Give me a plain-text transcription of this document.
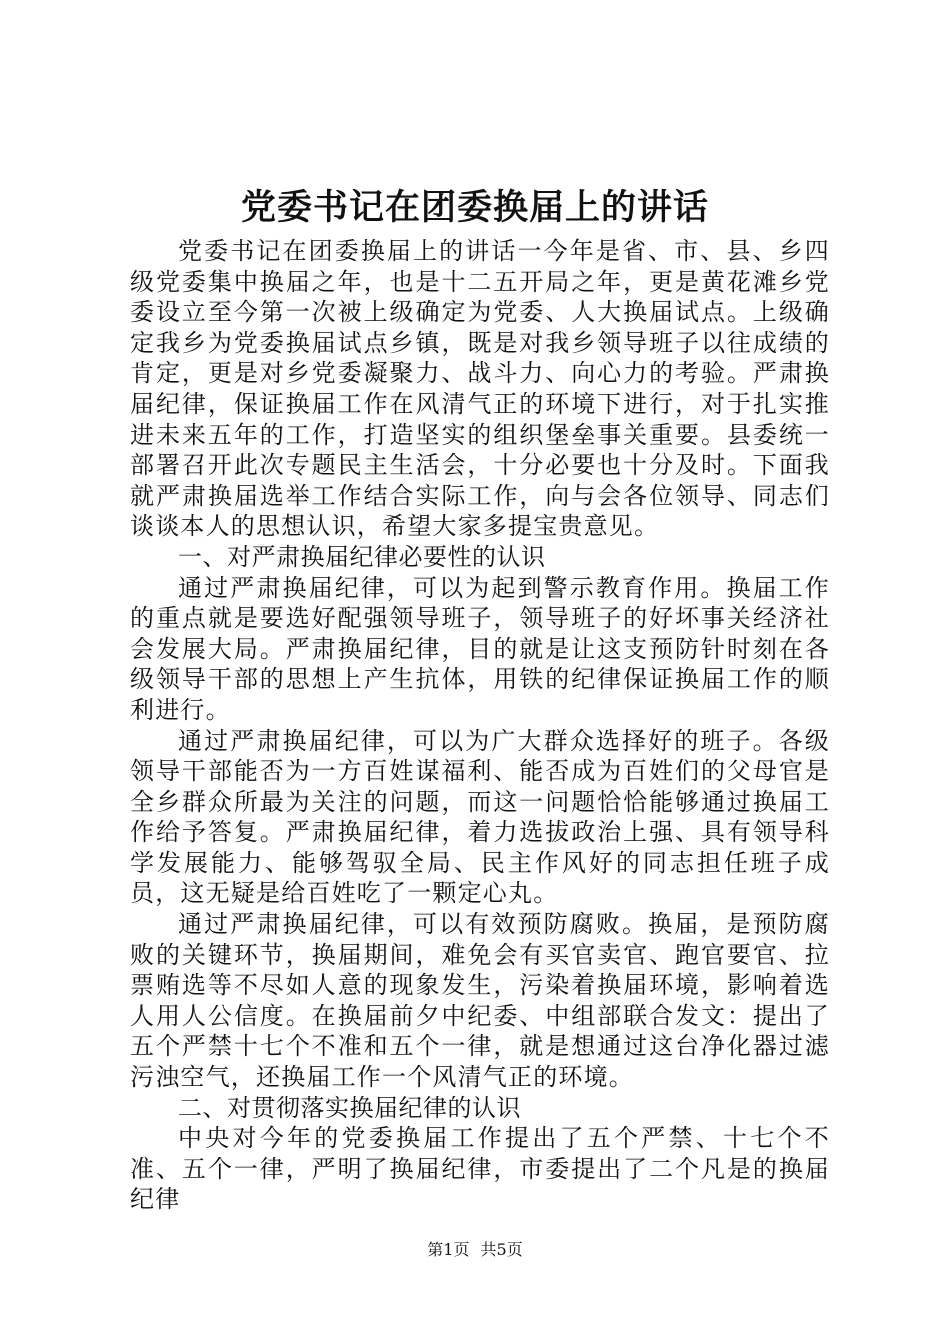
党委书记在团委换届上的讲话

党委书记在团委换届上的讲话一今年是省、市、县、乡四级党委集中换届之年，也是十二五开局之年，更是黄花滩乡党委设立至今第一次被上级确定为党委、人大换届试点。上级确定我乡为党委换届试点乡镇，既是对我乡领导班子以往成绩的肯定，更是对乡党委凝聚力、战斗力、向心力的考验。严肃换届纪律，保证换届工作在风清气正的环境下进行，对于扎实推进未来五年的工作，打造坚实的组织堡垒事关重要。县委统一部署召开此次专题民主生活会，十分必要也十分及时。下面我就严肃换届选举工作结合实际工作，向与会各位领导、同志们谈谈本人的思想认识，希望大家多提宝贵意见。

一、对严肃换届纪律必要性的认识

通过严肃换届纪律，可以为起到警示教育作用。换届工作的重点就是要选好配强领导班子，领导班子的好坏事关经济社会发展大局。严肃换届纪律，目的就是让这支预防针时刻在各级领导干部的思想上产生抗体，用铁的纪律保证换届工作的顺利进行。

通过严肃换届纪律，可以为广大群众选择好的班子。各级领导干部能否为一方百姓谋福利、能否成为百姓们的父母官是全乡群众所最为关注的问题，而这一问题恰恰能够通过换届工作给予答复。严肃换届纪律，着力选拔政治上强、具有领导科学发展能力、能够驾驭全局、民主作风好的同志担任班子成员，这无疑是给百姓吃了一颗定心丸。

通过严肃换届纪律，可以有效预防腐败。换届，是预防腐败的关键环节，换届期间，难免会有买官卖官、跑官要官、拉票贿选等不尽如人意的现象发生，污染着换届环境，影响着选人用人公信度。在换届前夕中纪委、中组部联合发文：提出了五个严禁十七个不准和五个一律，就是想通过这台净化器过滤污浊空气，还换届工作一个风清气正的环境。

二、对贯彻落实换届纪律的认识

中央对今年的党委换届工作提出了五个严禁、十七个不准、五个一律，严明了换届纪律，市委提出了二个凡是的换届纪律

第1页 共5页
